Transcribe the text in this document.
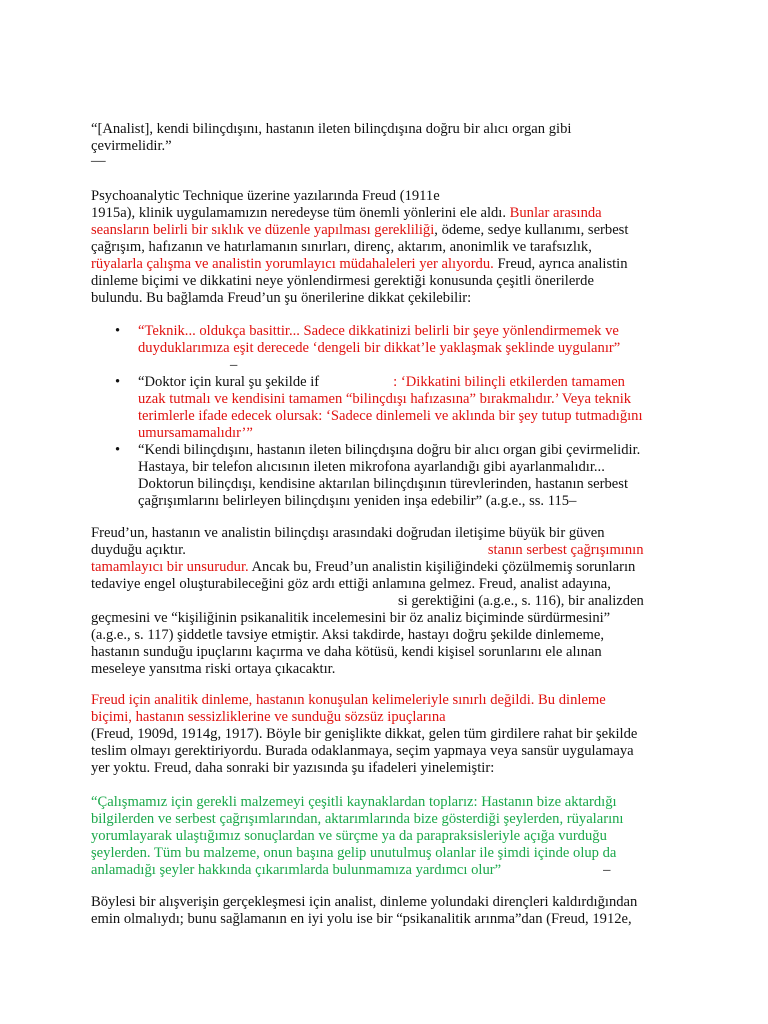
“[Analist], kendi bilinçdışını, hastanın ileten bilinçdışına doğru bir alıcı organ gibi
çevirmelidir.”
—
Psychoanalytic Technique üzerine yazılarında Freud (1911e
1915a), klinik uygulamamızın neredeyse tüm önemli yönlerini ele aldı. Bunlar arasında
seansların belirli bir sıklık ve düzenle yapılması gerekliliği, ödeme, sedye kullanımı, serbest
çağrışım, hafızanın ve hatırlamanın sınırları, direnç, aktarım, anonimlik ve tarafsızlık,
rüyalarla çalışma ve analistin yorumlayıcı müdahaleleri yer alıyordu. Freud, ayrıca analistin
dinleme biçimi ve dikkatini neye yönlendirmesi gerektiği konusunda çeşitli önerilerde
bulundu. Bu bağlamda Freud’un şu önerilerine dikkat çekilebilir:
• “Teknik... oldukça basittir... Sadece dikkatinizi belirli bir şeye yönlendirmemek ve
duyduklarımıza eşit derecede ‘dengeli bir dikkat’le yaklaşmak şeklinde uygulanır”
–
• “Doktor için kural şu şekilde if	: ‘Dikkatini bilinçli etkilerden tamamen
uzak tutmalı ve kendisini tamamen “bilinçdışı hafızasına” bırakmalıdır.’ Veya teknik
terimlerle ifade edecek olursak: ‘Sadece dinlemeli ve aklında bir şey tutup tutmadığını
umursamamalıdır’”
• “Kendi bilinçdışını, hastanın ileten bilinçdışına doğru bir alıcı organ gibi çevirmelidir.
Hastaya, bir telefon alıcısının ileten mikrofona ayarlandığı gibi ayarlanmalıdır...
Doktorun bilinçdışı, kendisine aktarılan bilinçdışının türevlerinden, hastanın serbest
çağrışımlarını belirleyen bilinçdışını yeniden inşa edebilir” (a.g.e., ss. 115–
Freud’un, hastanın ve analistin bilinçdışı arasındaki doğrudan iletişime büyük bir güven
duyduğu açıktır.	stanın serbest çağrışımının
tamamlayıcı bir unsurudur. Ancak bu, Freud’un analistin kişiliğindeki çözülmemiş sorunların
tedaviye engel oluşturabileceğini göz ardı ettiği anlamına gelmez. Freud, analist adayına,
si gerektiğini (a.g.e., s. 116), bir analizden
geçmesini ve “kişiliğinin psikanalitik incelemesini bir öz analiz biçiminde sürdürmesini”
(a.g.e., s. 117) şiddetle tavsiye etmiştir. Aksi takdirde, hastayı doğru şekilde dinlememe,
hastanın sunduğu ipuçlarını kaçırma ve daha kötüsü, kendi kişisel sorunlarını ele alınan
meseleye yansıtma riski ortaya çıkacaktır.
Freud için analitik dinleme, hastanın konuşulan kelimeleriyle sınırlı değildi. Bu dinleme
biçimi, hastanın sessizliklerine ve sunduğu sözsüz ipuçlarına
(Freud, 1909d, 1914g, 1917). Böyle bir genişlikte dikkat, gelen tüm girdilere rahat bir şekilde
teslim olmayı gerektiriyordu. Burada odaklanmaya, seçim yapmaya veya sansür uygulamaya
yer yoktu. Freud, daha sonraki bir yazısında şu ifadeleri yinelemiştir:
“Çalışmamız için gerekli malzemeyi çeşitli kaynaklardan toplarız: Hastanın bize aktardığı
bilgilerden ve serbest çağrışımlarından, aktarımlarında bize gösterdiği şeylerden, rüyalarını
yorumlayarak ulaştığımız sonuçlardan ve sürçme ya da parapraksisleriyle açığa vurduğu
şeylerden. Tüm bu malzeme, onun başına gelip unutulmuş olanlar ile şimdi içinde olup da
anlamadığı şeyler hakkında çıkarımlarda bulunmamıza yardımcı olur”	–
Böylesi bir alışverişin gerçekleşmesi için analist, dinleme yolundaki dirençleri kaldırdığından
emin olmalıydı; bunu sağlamanın en iyi yolu ise bir “psikanalitik arınma”dan (Freud, 1912e,
